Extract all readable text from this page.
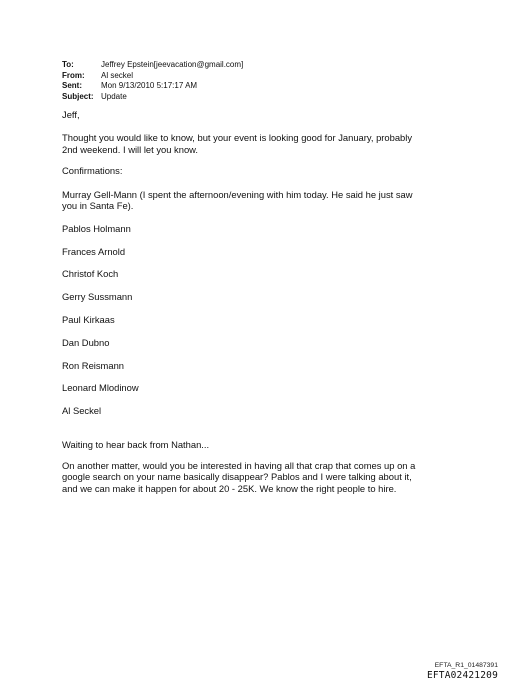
To:	Jeffrey Epstein[jeevacation@gmail.com]
From:	Al seckel
Sent:	Mon 9/13/2010 5:17:17 AM
Subject: Update

Jeff,

Thought you would like to know, but your event is looking good for January, probably
2nd weekend. I will let you know.

Confirmations:

Murray Gell-Mann (I spent the afternoon/evening with him today. He said he just saw
you in Santa Fe).
Pablos Holmann
Frances Arnold
Christof Koch
Gerry Sussmann
Paul Kirkaas
Dan Dubno
Ron Reismann
Leonard Mlodinow
Al Seckel

Waiting to hear back from Nathan...

On another matter, would you be interested in having all that crap that comes up on a
google search on your name basically disappear? Pablos and I were talking about it,
and we can make it happen for about 20 - 25K. We know the right people to hire.

EFTA_R1_01487391
EFTA02421209
